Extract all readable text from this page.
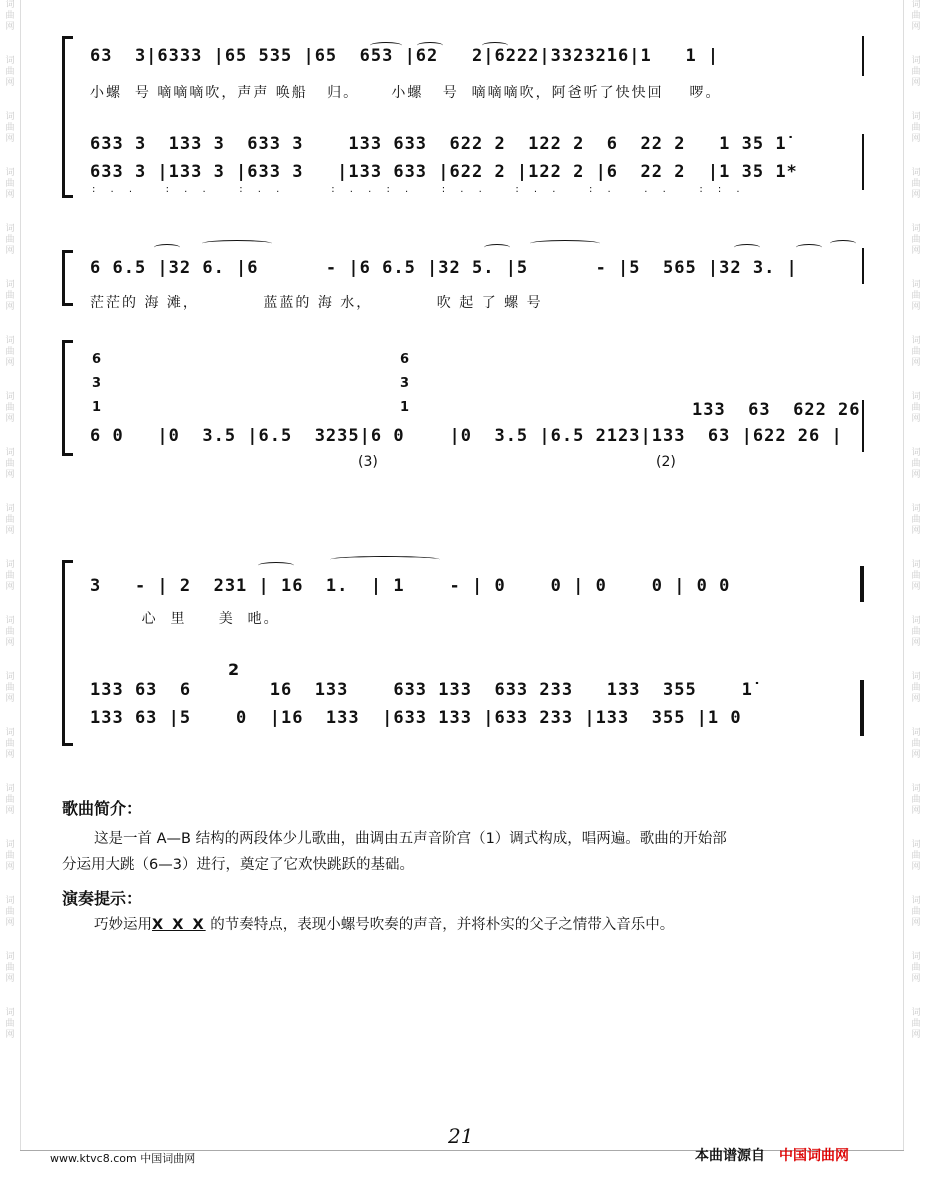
词
曲
网
词
曲
网
词
曲
网
词
曲
网
词
曲
网
词
曲
网
词
曲
网
词
曲
网
词
曲
网
词
曲
网
词
曲
网
词
曲
网
词
曲
网
词
曲
网
词
曲
网
词
曲
网
词
曲
网
词
曲
网
词
曲
网
词
曲
网
词
曲
网
词
曲
网
词
曲
网
词
曲
网
词
曲
网
词
曲
网
词
曲
网
词
曲
网
词
曲
网
词
曲
网
词
曲
网
词
曲
网
词
曲
网
词
曲
网
词
曲
网
词
曲
网
词
曲
网
词
曲
网
63  3|6333 |65 535 |65  653 |62   2|6222|33232̄16|1   1 |
小螺  号 嘀嘀嘀吹，声声 唤船   归。     小螺   号  嘀嘀嘀吹，阿爸听了快快回    啰。
633 3  133 3  633 3    133 633  622 2  122 2  6  22 2   1 35 1̇
633 3 |133 3 |633 3   |133 633 |622 2 |122 2 |6  22 2  |1 35 1*
: . .   : . .   : . .     : . . : .   : . .   : . .   : .   . .   : : .
6 6.5 |32 6. |6      - |6 6.5 |32 5. |5      - |5  565 |32 3. |
茫茫的 海 滩，          蓝蓝的 海 水，          吹 起 了 螺 号
6
3
1
6
3
1	133  63  622 26
6 0   |0  3.5 |6.5  3235|6 0    |0  3.5 |6.5 2123|133  63 |622 26 |
(3)	(2)
3   - | 2  231 | 16  1.  | 1    - | 0    0 | 0    0 | 0 0
心  里     美  吔。
2
133 63  6       16  133    633 133  633 233   133  355    1̇
133 63 |5    0  |16  133  |633 133 |633 233 |133  355 |1 0
歌曲简介：
这是一首 A—B 结构的两段体少儿歌曲，曲调由五声音阶宫（1）调式构成，唱两遍。歌曲的开始部
分运用大跳（6—3）进行，奠定了它欢快跳跃的基础。
演奏提示：
巧妙运用X X X 的节奏特点，表现小螺号吹奏的声音，并将朴实的父子之情带入音乐中。
www.ktvc8.com 中国词曲网
21
本曲谱源自 中国词曲网
